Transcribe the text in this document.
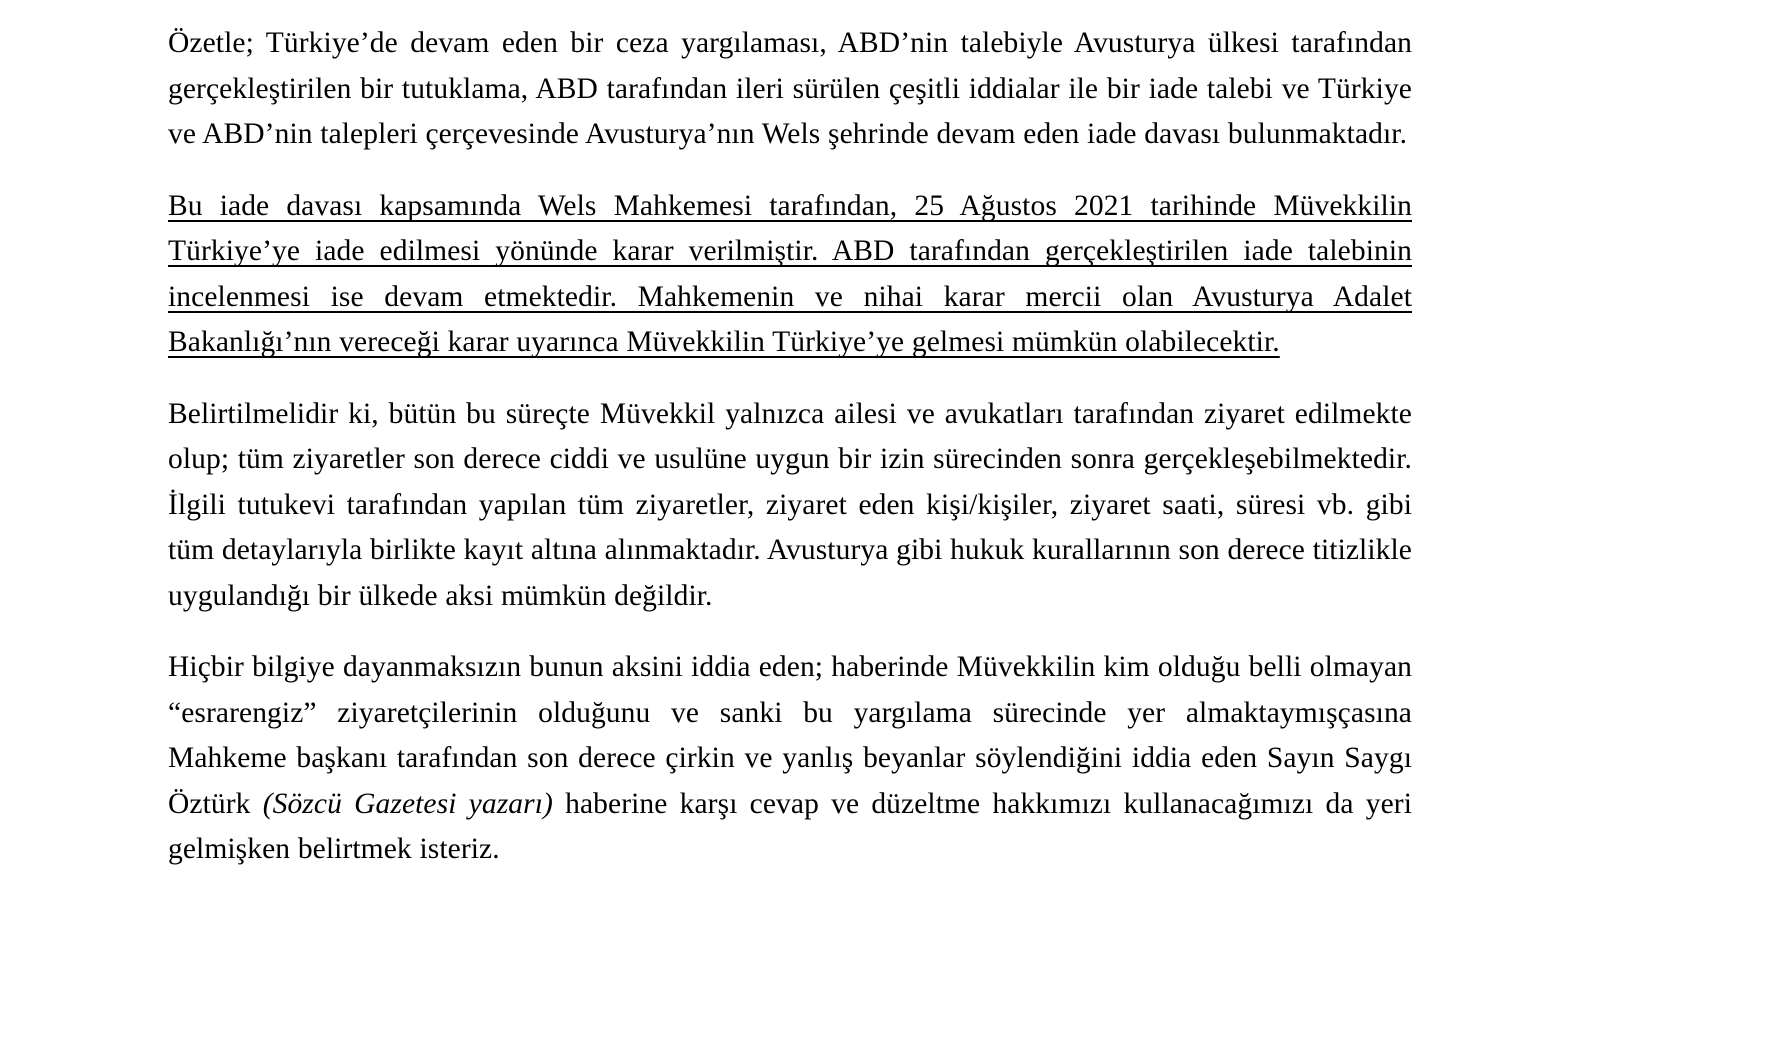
Özetle; Türkiye’de devam eden bir ceza yargılaması, ABD’nin talebiyle Avusturya ülkesi tarafından
gerçekleştirilen bir tutuklama, ABD tarafından ileri sürülen çeşitli iddialar ile bir iade talebi ve Türkiye
ve ABD’nin talepleri çerçevesinde Avusturya’nın Wels şehrinde devam eden iade davası bulunmaktadır.

Bu iade davası kapsamında Wels Mahkemesi tarafından, 25 Ağustos 2021 tarihinde Müvekkilin
Türkiye’ye iade edilmesi yönünde karar verilmiştir. ABD tarafından gerçekleştirilen iade talebinin
incelenmesi ise devam etmektedir. Mahkemenin ve nihai karar mercii olan Avusturya Adalet
Bakanlığı’nın vereceği karar uyarınca Müvekkilin Türkiye’ye gelmesi mümkün olabilecektir.

Belirtilmelidir ki, bütün bu süreçte Müvekkil yalnızca ailesi ve avukatları tarafından ziyaret edilmekte
olup; tüm ziyaretler son derece ciddi ve usulüne uygun bir izin sürecinden sonra gerçekleşebilmektedir.
İlgili tutukevi tarafından yapılan tüm ziyaretler, ziyaret eden kişi/kişiler, ziyaret saati, süresi vb. gibi
tüm detaylarıyla birlikte kayıt altına alınmaktadır. Avusturya gibi hukuk kurallarının son derece titizlikle
uygulandığı bir ülkede aksi mümkün değildir.

Hiçbir bilgiye dayanmaksızın bunun aksini iddia eden; haberinde Müvekkilin kim olduğu belli olmayan
“esrarengiz” ziyaretçilerinin olduğunu ve sanki bu yargılama sürecinde yer almaktaymışçasına
Mahkeme başkanı tarafından son derece çirkin ve yanlış beyanlar söylendiğini iddia eden Sayın Saygı
Öztürk (Sözcü Gazetesi yazarı) haberine karşı cevap ve düzeltme hakkımızı kullanacağımızı da yeri
gelmişken belirtmek isteriz.
